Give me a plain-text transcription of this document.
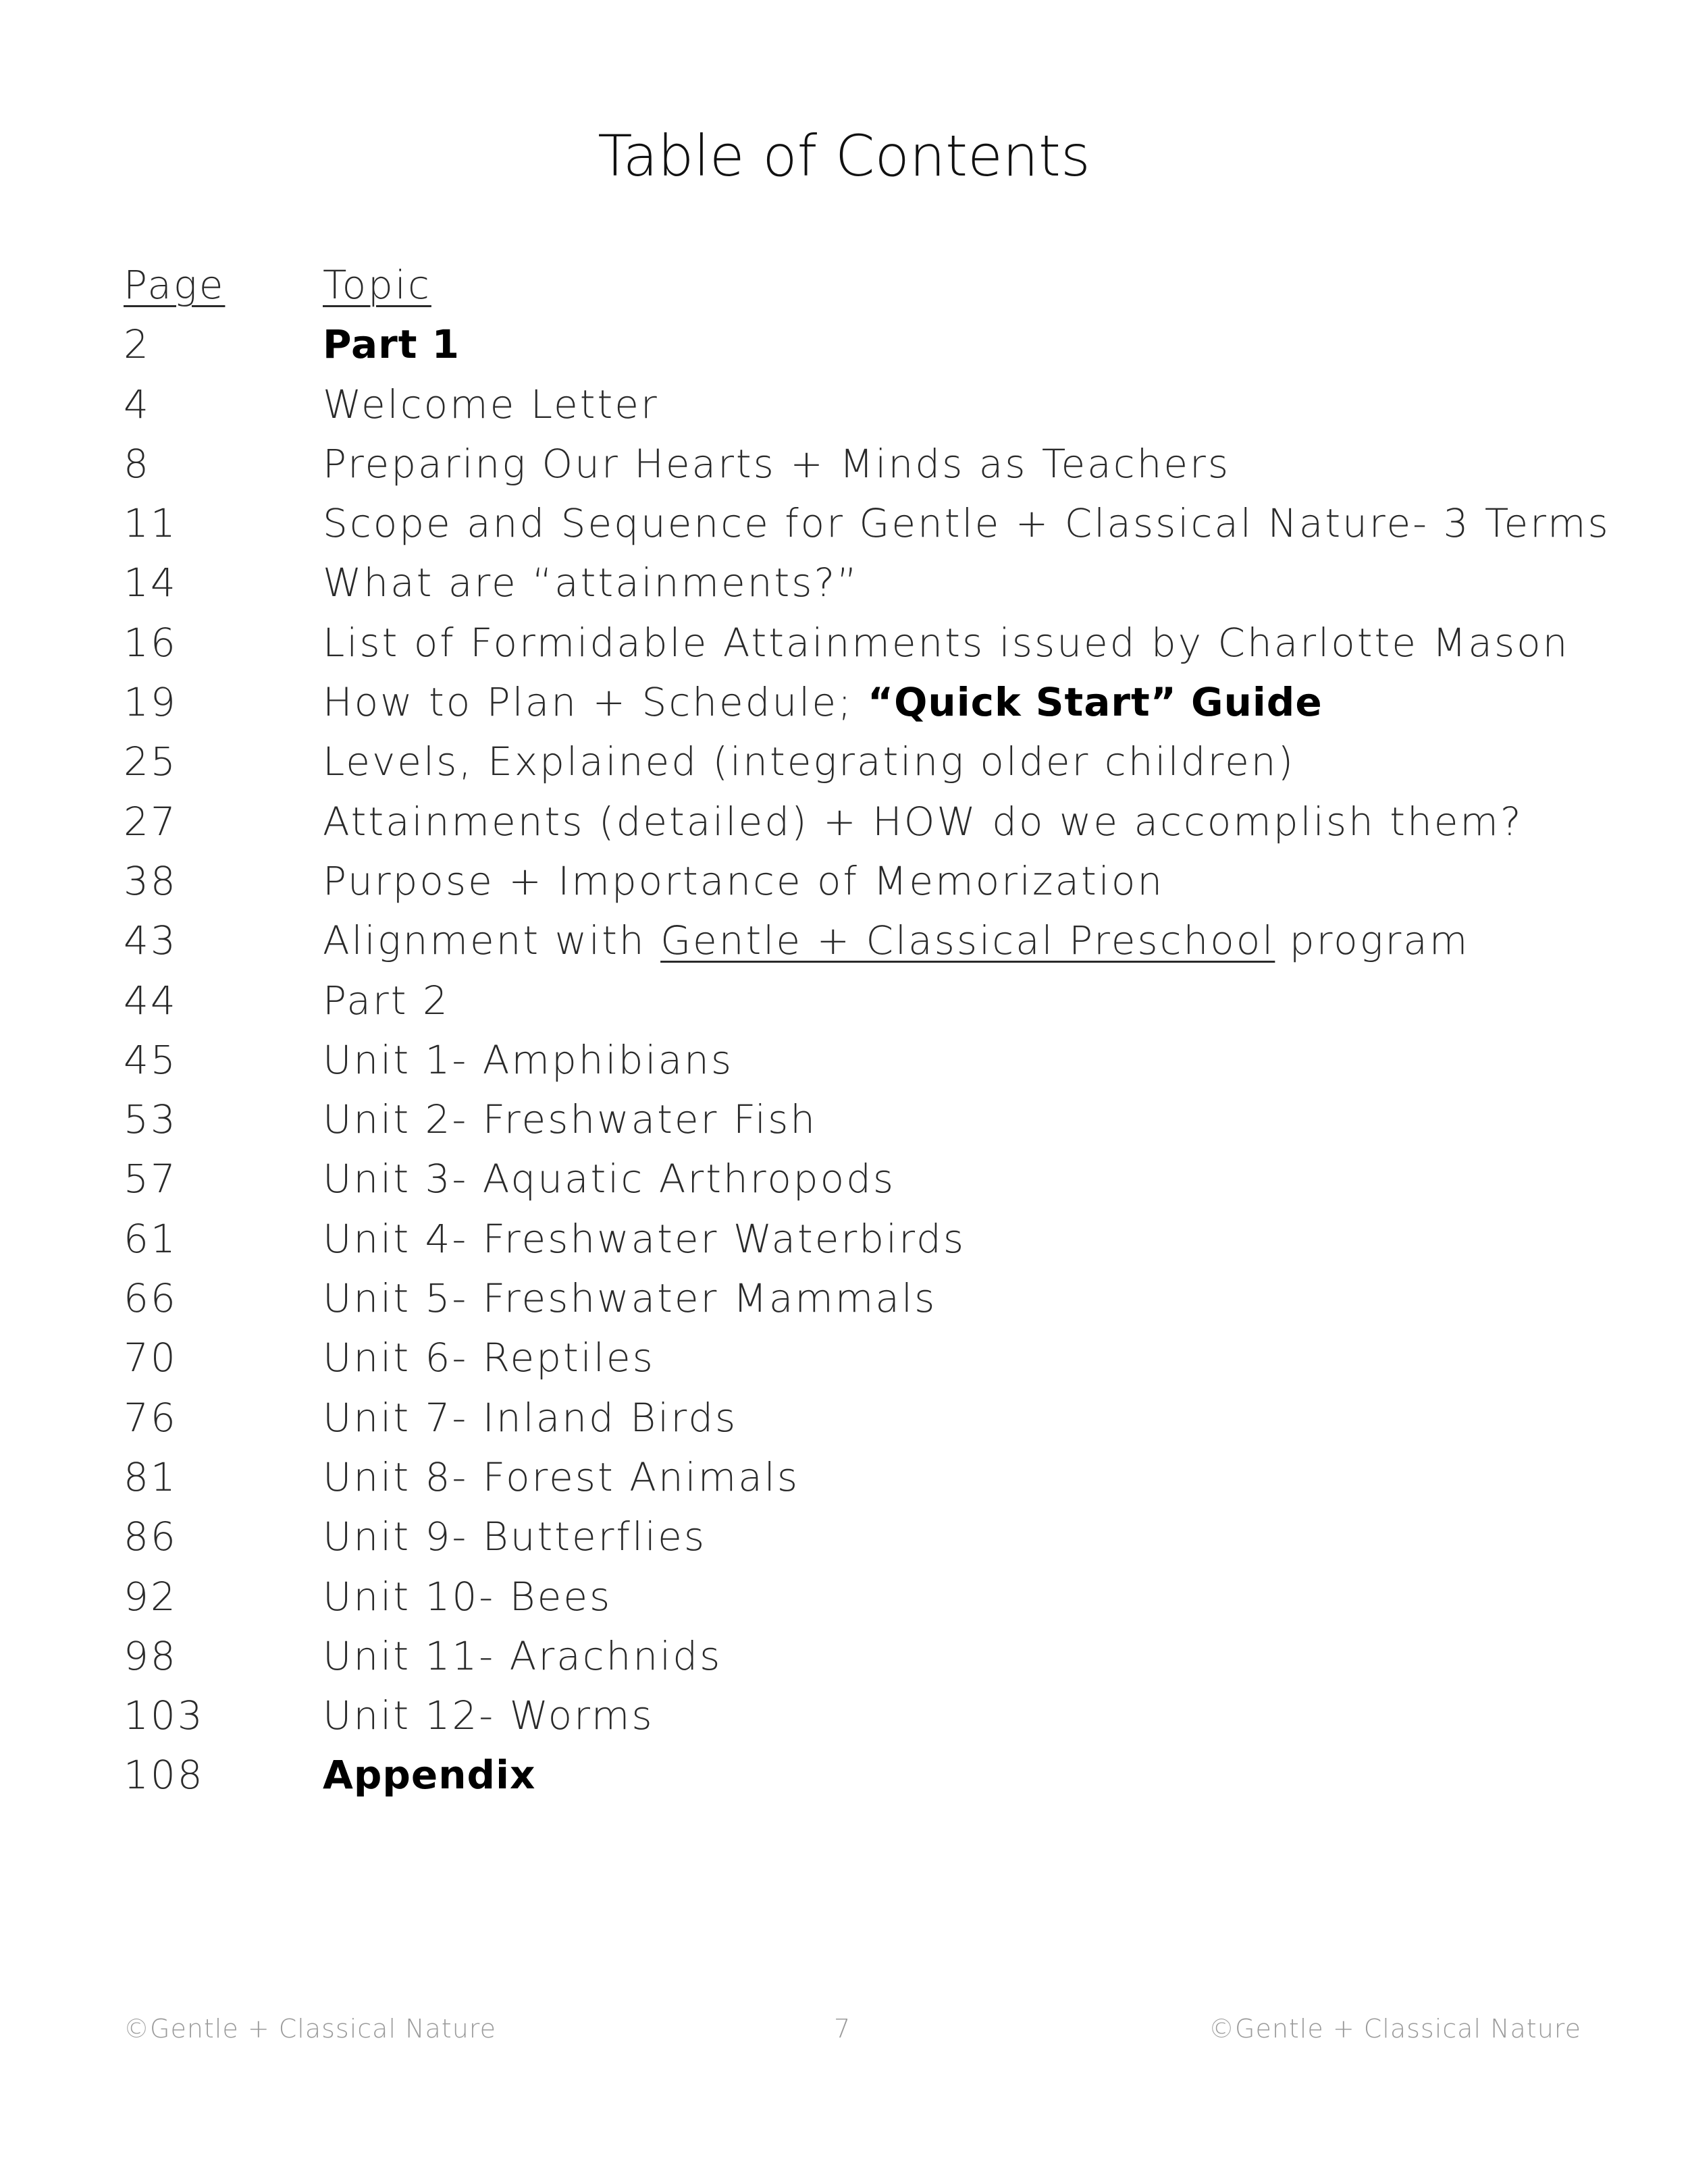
Table of Contents
Page	Topic
2	Part 1
4	Welcome Letter
8	Preparing Our Hearts + Minds as Teachers
11	Scope and Sequence for Gentle + Classical Nature- 3 Terms
14	What are “attainments?”
16	List of Formidable Attainments issued by Charlotte Mason
19	How to Plan + Schedule; “Quick Start” Guide
25	Levels, Explained (integrating older children)
27	Attainments (detailed) + HOW do we accomplish them?
38	Purpose + Importance of Memorization
43	Alignment with Gentle + Classical Preschool program
44	Part 2
45	Unit 1- Amphibians
53	Unit 2- Freshwater Fish
57	Unit 3- Aquatic Arthropods
61	Unit 4- Freshwater Waterbirds
66	Unit 5- Freshwater Mammals
70	Unit 6- Reptiles
76	Unit 7- Inland Birds
81	Unit 8- Forest Animals
86	Unit 9- Butterflies
92	Unit 10- Bees
98	Unit 11- Arachnids
103	Unit 12- Worms
108	Appendix
©Gentle + Classical Nature	7	©Gentle + Classical Nature
